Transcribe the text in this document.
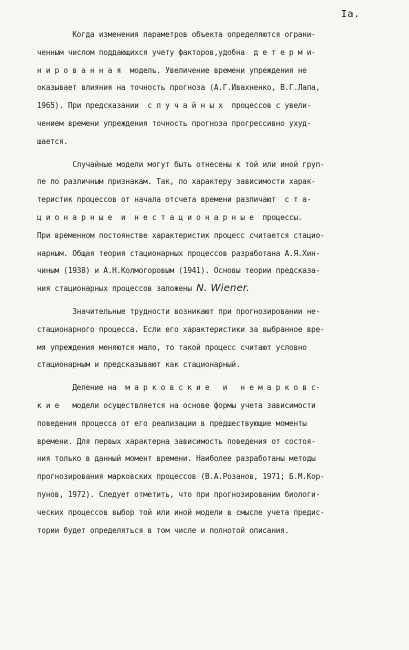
Iа.
Когда изменения параметров объекта определяются ограни-
ченным числом поддающихся учету факторов,удобна  д е т е р м и-
н и р о в а н н а я  модель. Увеличение времени упреждения не
оказывает влияния на точность прогноза (А.Г.Ивахненко, В.Г.Лапа,
1965). При предсказании  с л у ч а й н ы х  процессов с увели-
чением времени упреждения точность прогноза прогрессивно ухуд-
шается.
Случайные модели могут быть отнесены к той или иной груп-
пе по различным признакам. Так, по характеру зависимости харак-
теристик процессов от начала отсчета времени различают  с т а-
ц и о н а р н ы е  и  н е с т а ц и о н а р н ы е  процессы.
При временном постоянстве характеристик процесс считается стацио-
нарным. Общая теория стационарных процессов разработана А.Я.Хин-
чиным (1938) и А.Н.Колмогоровым (1941). Основы теории предсказа-
ния стационарных процессов заложены N. Wiener.
Значительные трудности возникают при прогнозировании не-
стационарного процесса. Если его характеристики за выбранное вре-
мя упреждения меняются мало, то такой процесс считают условно
стационарным и предсказывают как стационарный.
Деление на  м а р к о в с к и е   и   н е м а р к о в с-
к и е   модели осуществляется на основе формы учета зависимости
поведения процесса от его реализации в предшествующие моменты
времени. Для первых характерна зависимость поведения от состоя-
ния только в данный момент времени. Наиболее разработаны методы
прогнозирования марковских процессов (В.А.Розанов, 1971; Б.М.Кор-
пунов, 1972). Следует отметить, что при прогнозировании биологи-
ческих процессов выбор той или иной модели в смысле учета предис-
тории будет определяться в том числе и полнотой описания.
